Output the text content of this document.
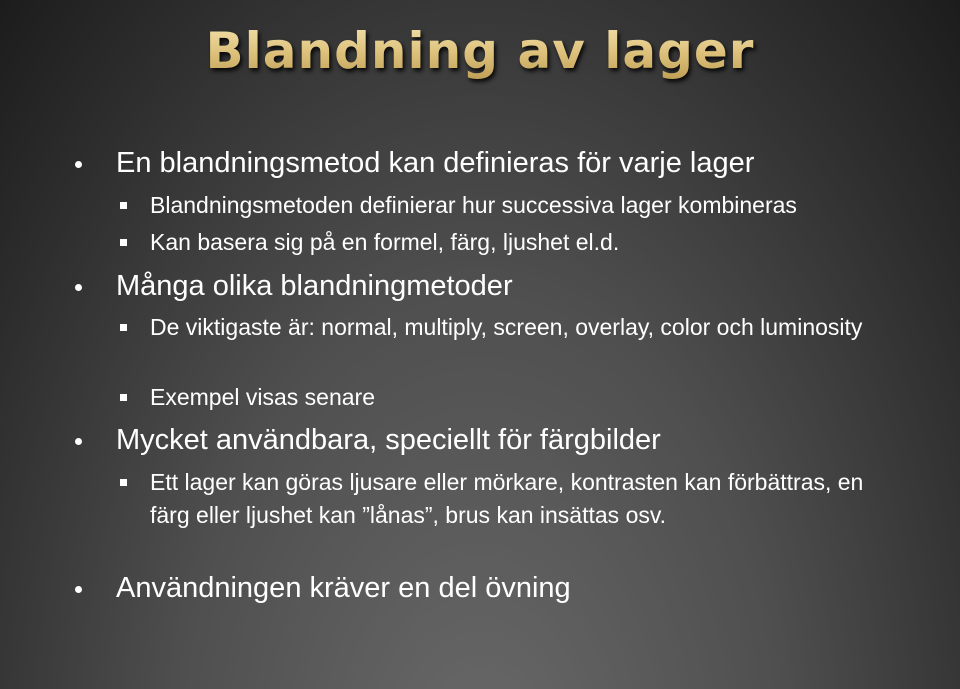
Blandning av lager

En blandningsmetod kan definieras för varje lager

Blandningsmetoden definierar hur successiva lager kombineras

Kan basera sig på en formel, färg, ljushet el.d.

Många olika blandningmetoder

De viktigaste är: normal, multiply, screen, overlay, color och luminosity

Exempel visas senare

Mycket användbara, speciellt för färgbilder

Ett lager kan göras ljusare eller mörkare, kontrasten kan förbättras, en färg eller ljushet kan ”lånas”, brus kan insättas osv.

Användningen kräver en del övning
